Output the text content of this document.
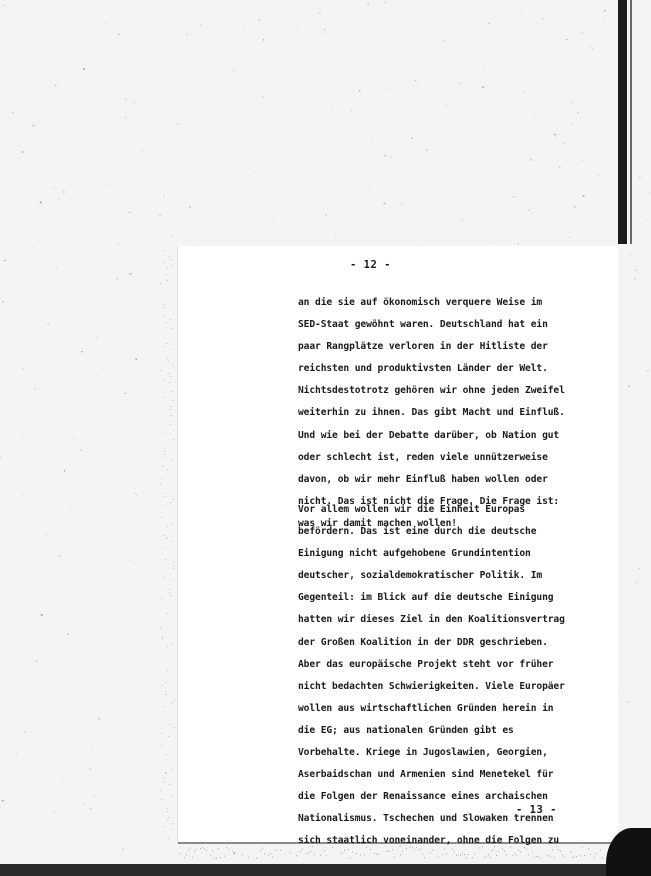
- 12 -
an die sie auf ökonomisch verquere Weise im
SED-Staat gewöhnt waren. Deutschland hat ein
paar Rangplätze verloren in der Hitliste der
reichsten und produktivsten Länder der Welt.
Nichtsdestotrotz gehören wir ohne jeden Zweifel
weiterhin zu ihnen. Das gibt Macht und Einfluß.
Und wie bei der Debatte darüber, ob Nation gut
oder schlecht ist, reden viele unnützerweise
davon, ob wir mehr Einfluß haben wollen oder
nicht. Das ist nicht die Frage. Die Frage ist:
was wir damit machen wollen!
Vor allem wollen wir die Einheit Europas
befördern. Das ist eine durch die deutsche
Einigung nicht aufgehobene Grundintention
deutscher, sozialdemokratischer Politik. Im
Gegenteil: im Blick auf die deutsche Einigung
hatten wir dieses Ziel in den Koalitionsvertrag
der Großen Koalition in der DDR geschrieben.
Aber das europäische Projekt steht vor früher
nicht bedachten Schwierigkeiten. Viele Europäer
wollen aus wirtschaftlichen Gründen herein in
die EG; aus nationalen Gründen gibt es
Vorbehalte. Kriege in Jugoslawien, Georgien,
Aserbaidschan und Armenien sind Menetekel für
die Folgen der Renaissance eines archaischen
Nationalismus. Tschechen und Slowaken trennen
sich staatlich voneinander, ohne die Folgen zu
- 13 -
